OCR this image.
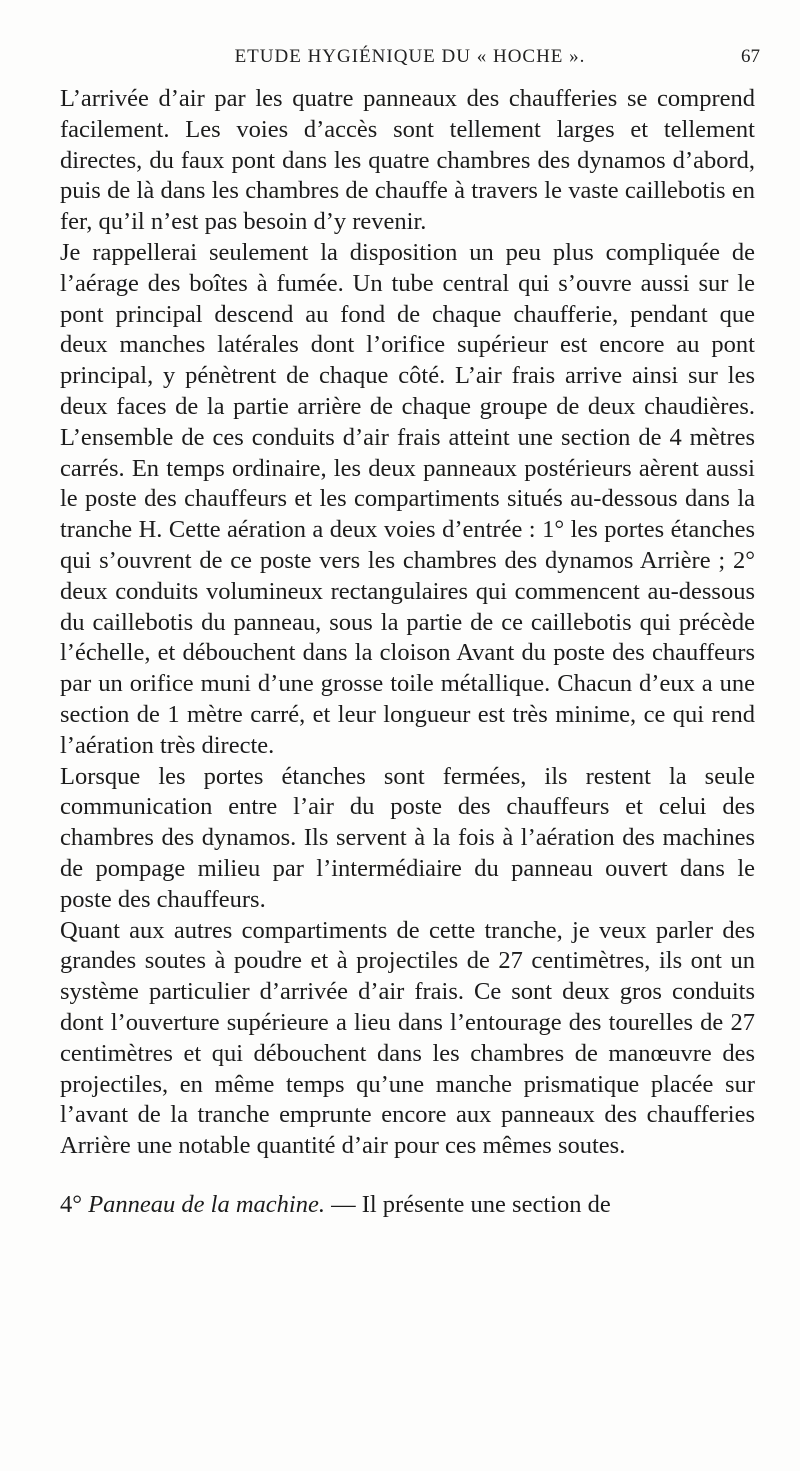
ETUDE HYGIÉNIQUE DU « HOCHE ».	67

L’arrivée d’air par les quatre panneaux des chaufferies se comprend facilement. Les voies d’accès sont tellement larges et tellement directes, du faux pont dans les quatre chambres des dynamos d’abord, puis de là dans les chambres de chauffe à travers le vaste caillebotis en fer, qu’il n’est pas besoin d’y revenir.

Je rappellerai seulement la disposition un peu plus compliquée de l’aérage des boîtes à fumée. Un tube central qui s’ouvre aussi sur le pont principal descend au fond de chaque chaufferie, pendant que deux manches latérales dont l’orifice supérieur est encore au pont principal, y pénètrent de chaque côté. L’air frais arrive ainsi sur les deux faces de la partie arrière de chaque groupe de deux chaudières. L’ensemble de ces conduits d’air frais atteint une section de 4 mètres carrés. En temps ordinaire, les deux panneaux postérieurs aèrent aussi le poste des chauffeurs et les compartiments situés au-dessous dans la tranche H. Cette aération a deux voies d’entrée : 1° les portes étanches qui s’ouvrent de ce poste vers les chambres des dynamos Arrière ; 2° deux conduits volumineux rectangulaires qui commencent au-dessous du caillebotis du panneau, sous la partie de ce caillebotis qui précède l’échelle, et débouchent dans la cloison Avant du poste des chauffeurs par un orifice muni d’une grosse toile métallique. Chacun d’eux a une section de 1 mètre carré, et leur longueur est très minime, ce qui rend l’aération très directe.

Lorsque les portes étanches sont fermées, ils restent la seule communication entre l’air du poste des chauffeurs et celui des chambres des dynamos. Ils servent à la fois à l’aération des machines de pompage milieu par l’intermédiaire du panneau ouvert dans le poste des chauffeurs.

Quant aux autres compartiments de cette tranche, je veux parler des grandes soutes à poudre et à projectiles de 27 centimètres, ils ont un système particulier d’arrivée d’air frais. Ce sont deux gros conduits dont l’ouverture supérieure a lieu dans l’entourage des tourelles de 27 centimètres et qui débouchent dans les chambres de manœuvre des projectiles, en même temps qu’une manche prismatique placée sur l’avant de la tranche emprunte encore aux panneaux des chaufferies Arrière une notable quantité d’air pour ces mêmes soutes.

4° Panneau de la machine. — Il présente une section de
